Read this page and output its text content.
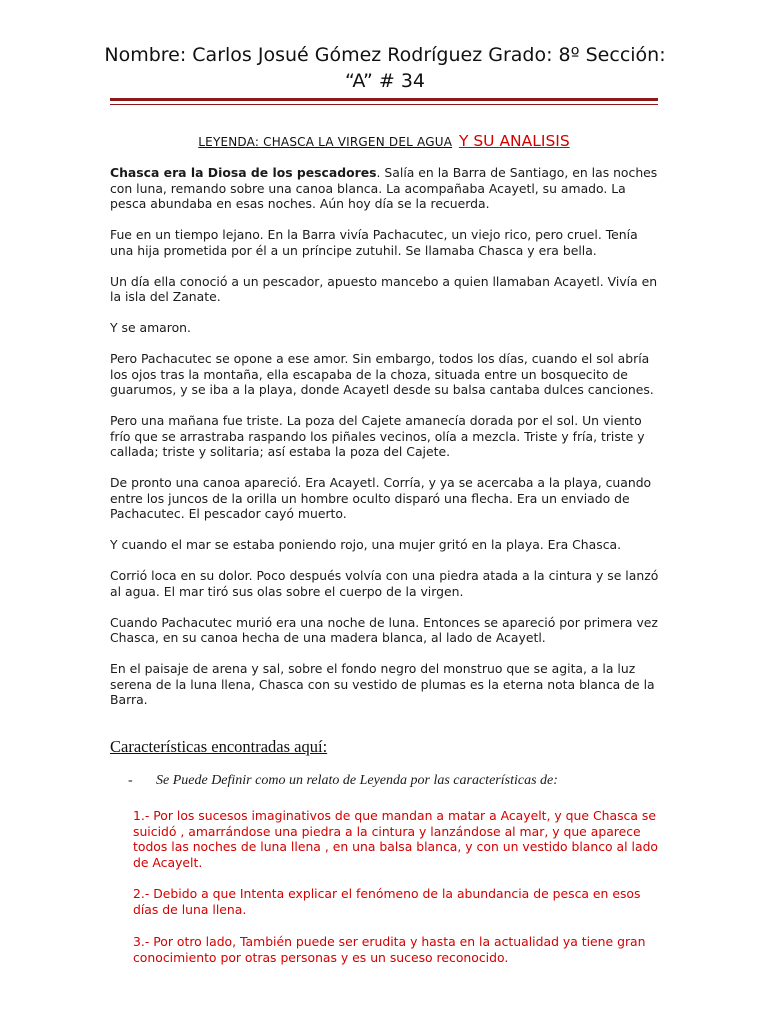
Nombre: Carlos Josué Gómez Rodríguez Grado: 8º Sección:
“A” # 34
LEYENDA: CHASCA LA VIRGEN DEL AGUA Y SU ANALISIS

Chasca era la Diosa de los pescadores. Salía en la Barra de Santiago, en las noches con luna, remando sobre una canoa blanca. La acompañaba Acayetl, su amado. La pesca abundaba en esas noches. Aún hoy día se la recuerda.

Fue en un tiempo lejano. En la Barra vivía Pachacutec, un viejo rico, pero cruel. Tenía una hija prometida por él a un príncipe zutuhil. Se llamaba Chasca y era bella.

Un día ella conoció a un pescador, apuesto mancebo a quien llamaban Acayetl. Vivía en la isla del Zanate.

Y se amaron.

Pero Pachacutec se opone a ese amor. Sin embargo, todos los días, cuando el sol abría los ojos tras la montaña, ella escapaba de la choza, situada entre un bosquecito de guarumos, y se iba a la playa, donde Acayetl desde su balsa cantaba dulces canciones.

Pero una mañana fue triste. La poza del Cajete amanecía dorada por el sol. Un viento frío que se arrastraba raspando los piñales vecinos, olía a mezcla. Triste y fría, triste y callada; triste y solitaria; así estaba la poza del Cajete.

De pronto una canoa apareció. Era Acayetl. Corría, y ya se acercaba a la playa, cuando entre los juncos de la orilla un hombre oculto disparó una flecha. Era un enviado de Pachacutec. El pescador cayó muerto.

Y cuando el mar se estaba poniendo rojo, una mujer gritó en la playa. Era Chasca.

Corrió loca en su dolor. Poco después volvía con una piedra atada a la cintura y se lanzó al agua. El mar tiró sus olas sobre el cuerpo de la virgen.

Cuando Pachacutec murió era una noche de luna. Entonces se apareció por primera vez Chasca, en su canoa hecha de una madera blanca, al lado de Acayetl.

En el paisaje de arena y sal, sobre el fondo negro del monstruo que se agita, a la luz serena de la luna llena, Chasca con su vestido de plumas es la eterna nota blanca de la Barra.

Características encontradas aquí:
- Se Puede Definir como un relato de Leyenda por las características de:
1.- Por los sucesos imaginativos de que mandan a matar a Acayelt, y que Chasca se suicidó , amarrándose una piedra a la cintura y lanzándose al mar, y que aparece todos las noches de luna llena , en una balsa blanca, y con un vestido blanco al lado de Acayelt.
2.- Debido a que Intenta explicar el fenómeno de la abundancia de pesca en esos días de luna llena.
3.- Por otro lado, También puede ser erudita y hasta en la actualidad ya tiene gran conocimiento por otras personas y es un suceso reconocido.
